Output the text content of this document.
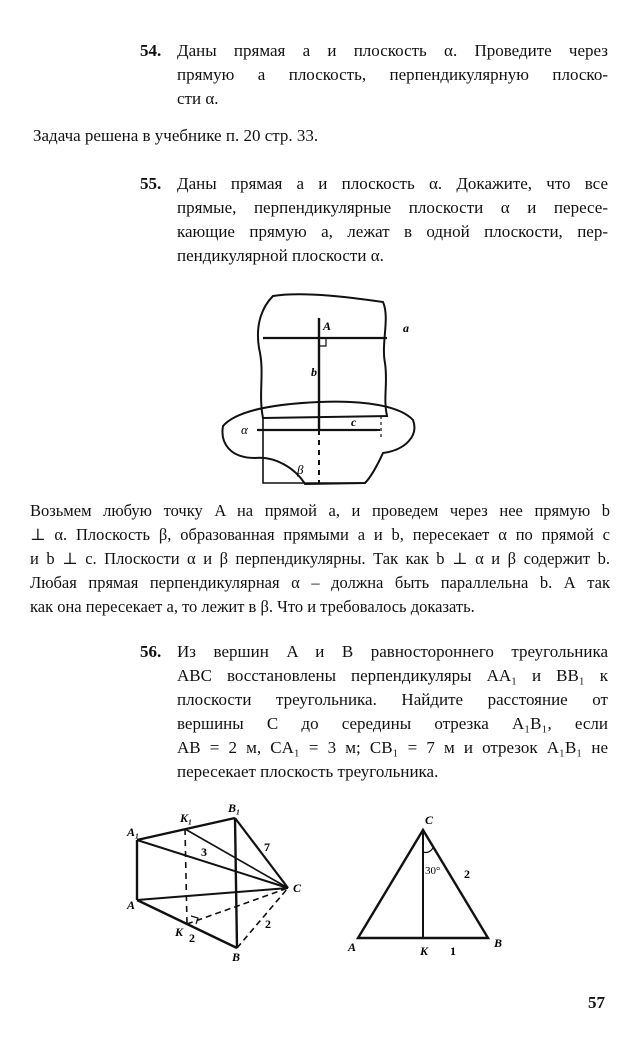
54. Даны прямая a и плоскость α. Проведите через
прямую a плоскость, перпендикулярную плоско-
сти α.
Задача решена в учебнике п. 20 стр. 33.
55. Даны прямая a и плоскость α. Докажите, что все
прямые, перпендикулярные плоскости α и пересе-
кающие прямую a, лежат в одной плоскости, пер-
пендикулярной плоскости α.
A	a
b
α	c
β
Возьмем любую точку A на прямой a, и проведем через нее прямую b
⊥ α. Плоскость β, образованная прямыми a и b, пересекает α по прямой c
и b ⊥ c. Плоскости α и β перпендикулярны. Так как b ⊥ α и β содержит b.
Любая прямая перпендикулярная α – должна быть параллельна b. А так
как она пересекает a, то лежит в β. Что и требовалось доказать.
56. Из вершин A и B равностороннего треугольника
ABC восстановлены перпендикуляры AA₁ и BB₁ к
плоскости треугольника. Найдите расстояние от
вершины C до середины отрезка A₁B₁, если
AB = 2 м, CA₁ = 3 м; CB₁ = 7 м и отрезок A₁B₁ не
пересекает плоскость треугольника.
A₁
K₁
B₁
3	7
C
A
K 2
2
B
C
30° 2
A	K 1
B
57
